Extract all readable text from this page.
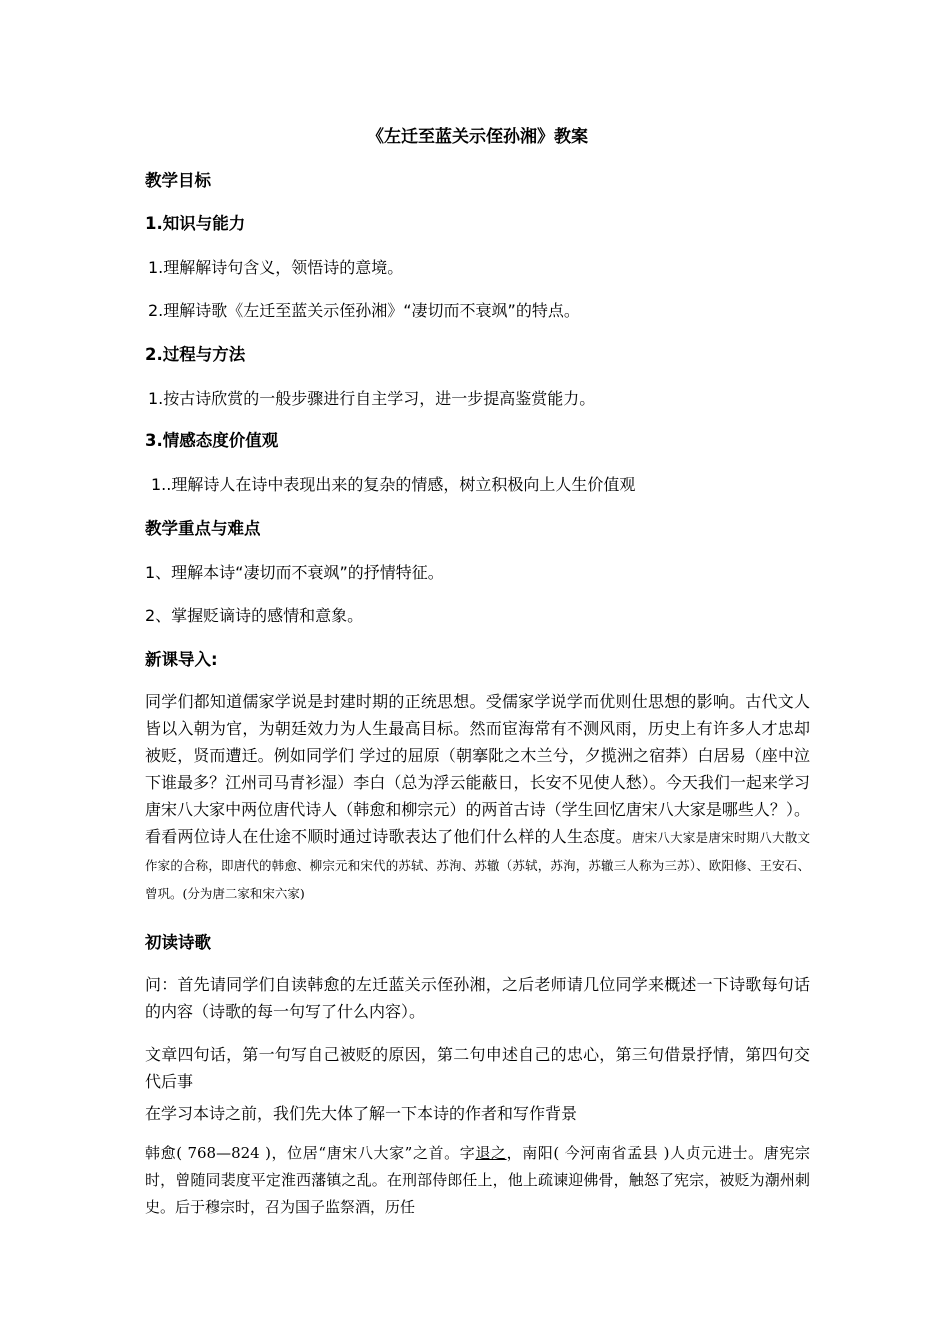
《左迁至蓝关示侄孙湘》教案
教学目标
1.知识与能力
1.理解解诗句含义，领悟诗的意境。
2.理解诗歌《左迁至蓝关示侄孙湘》“凄切而不衰飒”的特点。
2.过程与方法
1.按古诗欣赏的一般步骤进行自主学习，进一步提高鉴赏能力。
3.情感态度价值观
1..理解诗人在诗中表现出来的复杂的情感，树立积极向上人生价值观
教学重点与难点
1、理解本诗“凄切而不衰飒”的抒情特征。
2、掌握贬谪诗的感情和意象。
新课导入:
同学们都知道儒家学说是封建时期的正统思想。受儒家学说学而优则仕思想的影响。古代文人皆以入朝为官，为朝廷效力为人生最高目标。然而宦海常有不测风雨，历史上有许多人才忠却被贬，贤而遭迁。例如同学们 学过的屈原（朝搴阰之木兰兮，夕揽洲之宿莽）白居易（座中泣下谁最多？江州司马青衫湿）李白（总为浮云能蔽日，长安不见使人愁）。今天我们一起来学习唐宋八大家中两位唐代诗人（韩愈和柳宗元）的两首古诗（学生回忆唐宋八大家是哪些人？）。看看两位诗人在仕途不顺时通过诗歌表达了他们什么样的人生态度。唐宋八大家是唐宋时期八大散文作家的合称，即唐代的韩愈、柳宗元和宋代的苏轼、苏洵、苏辙（苏轼，苏洵，苏辙三人称为三苏）、欧阳修、王安石、曾巩。(分为唐二家和宋六家)
初读诗歌
问：首先请同学们自读韩愈的左迁蓝关示侄孙湘，之后老师请几位同学来概述一下诗歌每句话的内容（诗歌的每一句写了什么内容）。
文章四句话，第一句写自己被贬的原因，第二句申述自己的忠心，第三句借景抒情，第四句交代后事
在学习本诗之前，我们先大体了解一下本诗的作者和写作背景
韩愈( 768—824 )，位居“唐宋八大家”之首。字退之，南阳( 今河南省孟县 )人贞元进士。唐宪宗时，曾随同裴度平定淮西藩镇之乱。在刑部侍郎任上，他上疏谏迎佛骨，触怒了宪宗，被贬为潮州刺史。后于穆宗时，召为国子监祭酒，历任
